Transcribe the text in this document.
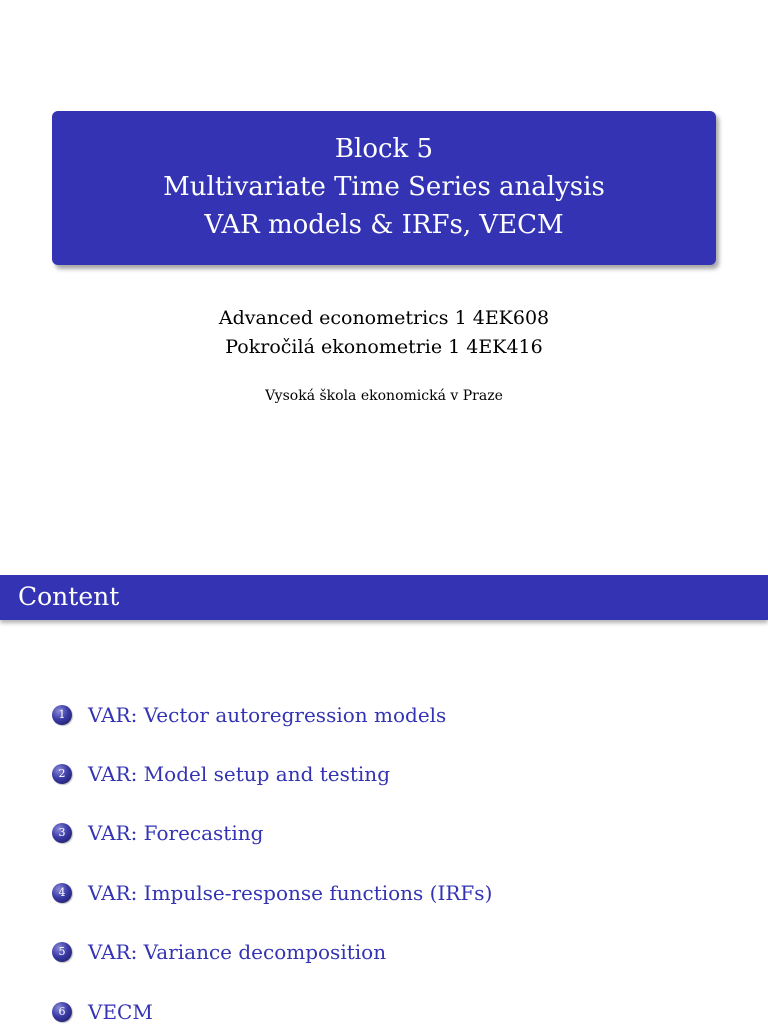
Block 5
Multivariate Time Series analysis
VAR models & IRFs, VECM
Advanced econometrics 1 4EK608
Pokročilá ekonometrie 1 4EK416
Vysoká škola ekonomická v Praze
Content
1	VAR: Vector autoregression models
2	VAR: Model setup and testing
3	VAR: Forecasting
4	VAR: Impulse-response functions (IRFs)
5	VAR: Variance decomposition
6	VECM
